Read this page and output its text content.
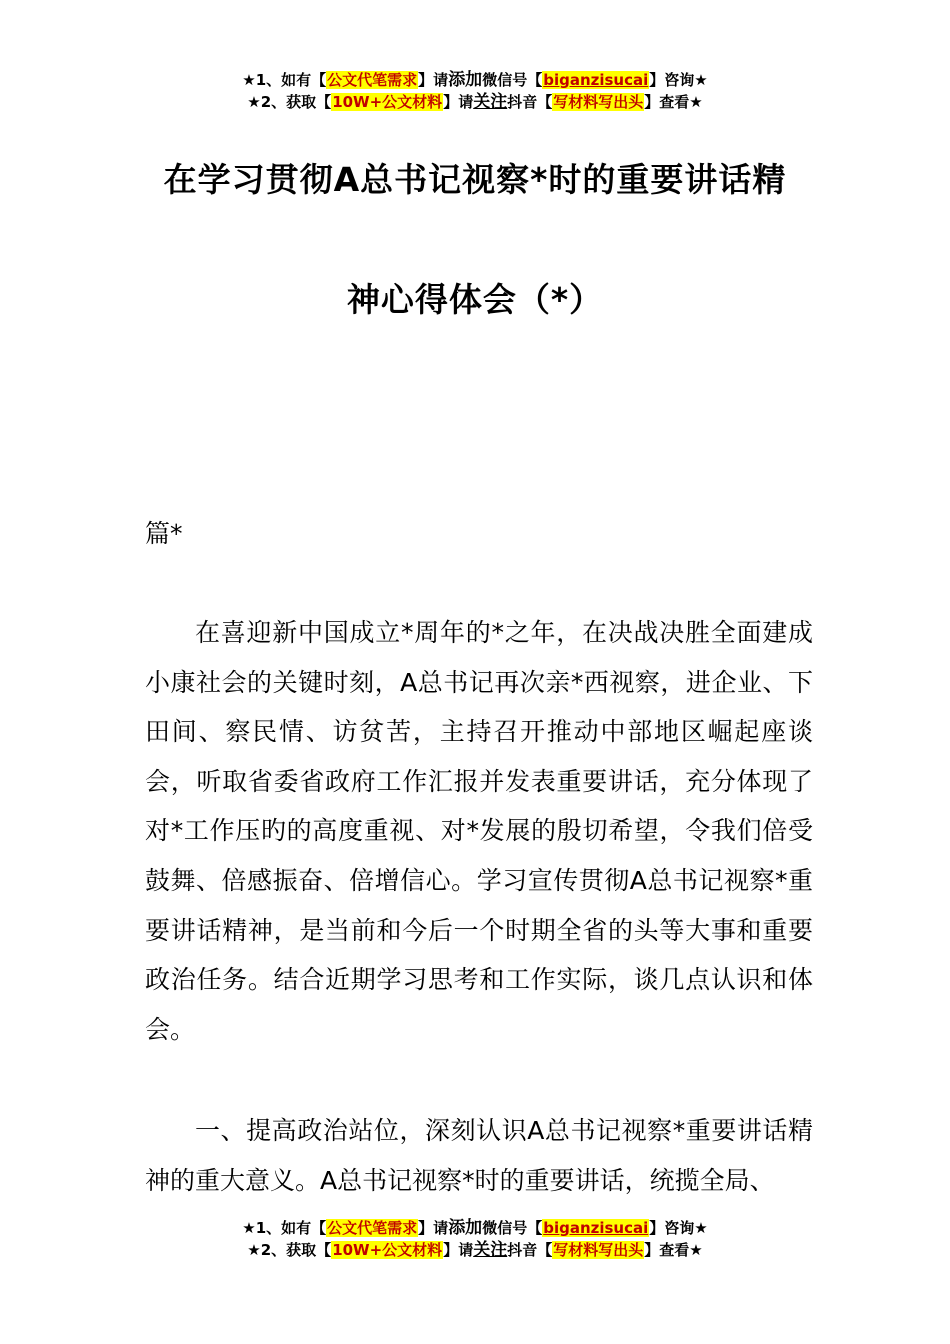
★1、如有【公文代笔需求】请添加微信号【biganzisucai】咨询★
★2、获取【10W+公文材料】请关注抖音【写材料写出头】查看★
在学习贯彻A总书记视察*时的重要讲话精
神心得体会（*）
篇*

在喜迎新中国成立*周年的*之年，在决战决胜全面建成小康社会的关键时刻，A总书记再次亲*西视察，进企业、下田间、察民情、访贫苦，主持召开推动中部地区崛起座谈会，听取省委省政府工作汇报并发表重要讲话，充分体现了对*工作压旳的高度重视、对*发展的殷切希望，令我们倍受鼓舞、倍感振奋、倍增信心。学习宣传贯彻A总书记视察*重要讲话精神，是当前和今后一个时期全省的头等大事和重要政治任务。结合近期学习思考和工作实际，谈几点认识和体会。

一、提高政治站位，深刻认识A总书记视察*重要讲话精神的重大意义。A总书记视察*时的重要讲话，统揽全局、

★1、如有【公文代笔需求】请添加微信号【biganzisucai】咨询★
★2、获取【10W+公文材料】请关注抖音【写材料写出头】查看★
